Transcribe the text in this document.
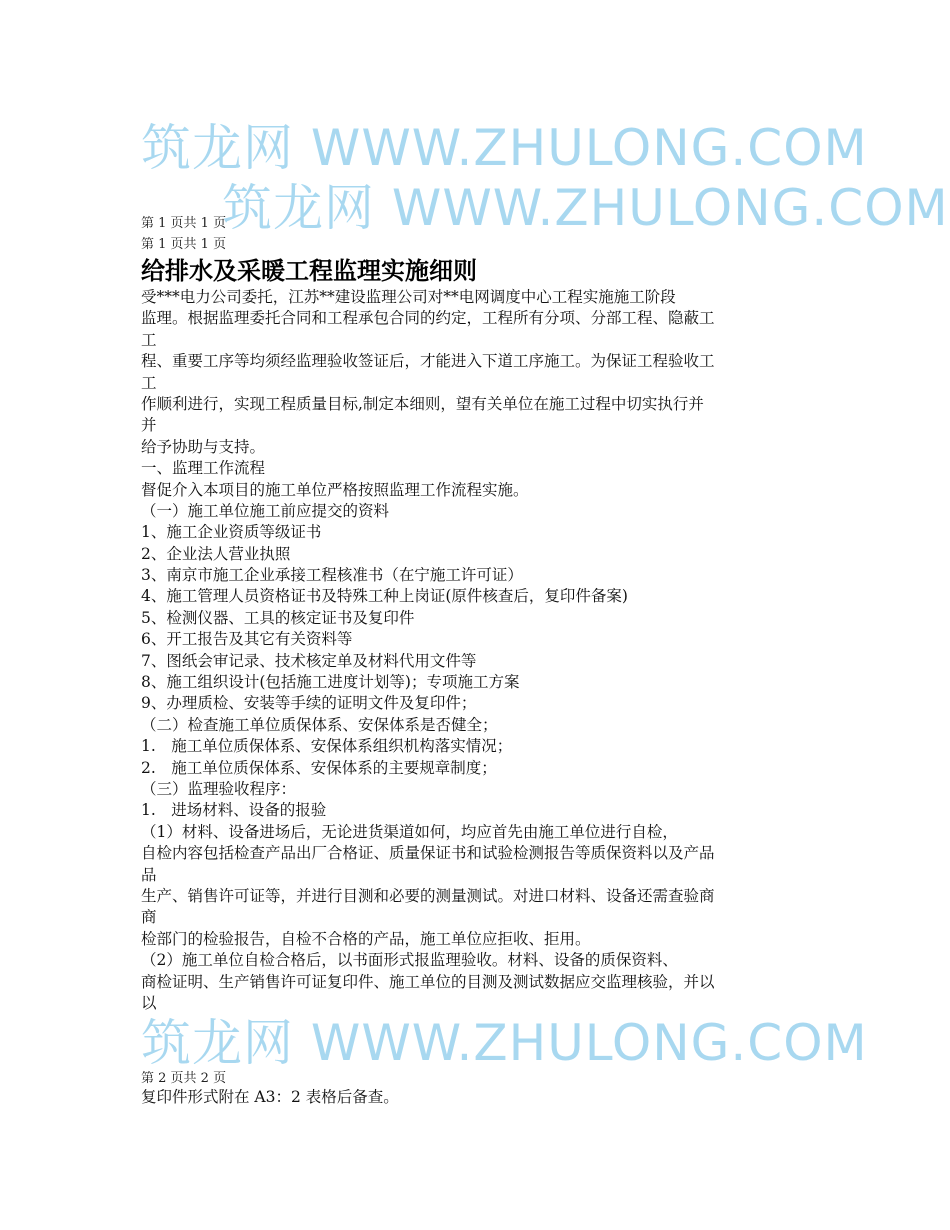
筑龙网 WWW.ZHULONG.COM
筑龙网 WWW.ZHULONG.COM
第 1 页共 1 页
第 1 页共 1 页
给排水及采暖工程监理实施细则
受***电力公司委托，江苏**建设监理公司对**电网调度中心工程实施施工阶段
监理。根据监理委托合同和工程承包合同的约定，工程所有分项、分部工程、隐蔽工
工
程、重要工序等均须经监理验收签证后，才能进入下道工序施工。为保证工程验收工
工
作顺利进行，实现工程质量目标,制定本细则，望有关单位在施工过程中切实执行并
并
给予协助与支持。
一、监理工作流程
督促介入本项目的施工单位严格按照监理工作流程实施。
（一）施工单位施工前应提交的资料
1、施工企业资质等级证书
2、企业法人营业执照
3、南京市施工企业承接工程核准书（在宁施工许可证）
4、施工管理人员资格证书及特殊工种上岗证(原件核查后，复印件备案)
5、检测仪器、工具的核定证书及复印件
6、开工报告及其它有关资料等
7、图纸会审记录、技术核定单及材料代用文件等
8、施工组织设计(包括施工进度计划等)；专项施工方案
9、办理质检、安装等手续的证明文件及复印件；
（二）检查施工单位质保体系、安保体系是否健全；
1.　施工单位质保体系、安保体系组织机构落实情况；
2.　施工单位质保体系、安保体系的主要规章制度；
（三）监理验收程序：
1.　进场材料、设备的报验
（1）材料、设备进场后，无论进货渠道如何，均应首先由施工单位进行自检，
自检内容包括检查产品出厂合格证、质量保证书和试验检测报告等质保资料以及产品
品
生产、销售许可证等，并进行目测和必要的测量测试。对进口材料、设备还需查验商
商
检部门的检验报告，自检不合格的产品，施工单位应拒收、拒用。
（2）施工单位自检合格后，以书面形式报监理验收。材料、设备的质保资料、
商检证明、生产销售许可证复印件、施工单位的目测及测试数据应交监理核验，并以
以
筑龙网 WWW.ZHULONG.COM
第 2 页共 2 页
复印件形式附在 A3：2 表格后备查。
